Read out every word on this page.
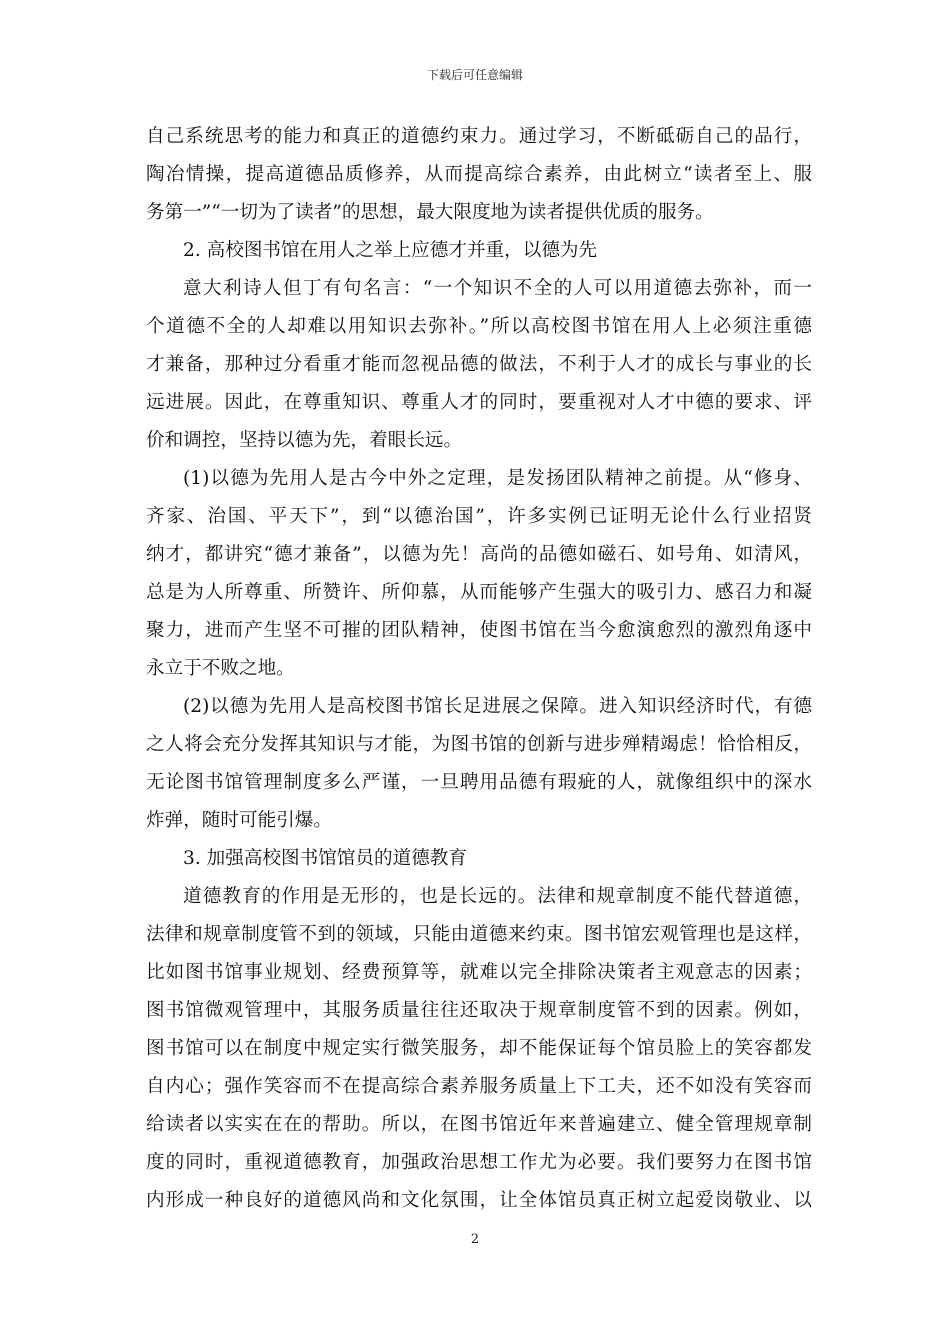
下载后可任意编辑
自己系统思考的能力和真正的道德约束力。通过学习，不断砥砺自己的品行，
陶冶情操，提高道德品质修养，从而提高综合素养，由此树立“读者至上、服
务第一”“一切为了读者”的思想，最大限度地为读者提供优质的服务。
2. 高校图书馆在用人之举上应德才并重，以德为先
意大利诗人但丁有句名言：“一个知识不全的人可以用道德去弥补，而一
个道德不全的人却难以用知识去弥补。”所以高校图书馆在用人上必须注重德
才兼备，那种过分看重才能而忽视品德的做法，不利于人才的成长与事业的长
远进展。因此，在尊重知识、尊重人才的同时，要重视对人才中德的要求、评
价和调控，坚持以德为先，着眼长远。
(1)以德为先用人是古今中外之定理，是发扬团队精神之前提。从“修身、
齐家、治国、平天下”，到“以德治国”，许多实例已证明无论什么行业招贤
纳才，都讲究“德才兼备”，以德为先！高尚的品德如磁石、如号角、如清风，
总是为人所尊重、所赞许、所仰慕，从而能够产生强大的吸引力、感召力和凝
聚力，进而产生坚不可摧的团队精神，使图书馆在当今愈演愈烈的激烈角逐中
永立于不败之地。
(2)以德为先用人是高校图书馆长足进展之保障。进入知识经济时代，有德
之人将会充分发挥其知识与才能，为图书馆的创新与进步殚精竭虑！恰恰相反，
无论图书馆管理制度多么严谨，一旦聘用品德有瑕疵的人，就像组织中的深水
炸弹，随时可能引爆。
3. 加强高校图书馆馆员的道德教育
道德教育的作用是无形的，也是长远的。法律和规章制度不能代替道德，
法律和规章制度管不到的领域，只能由道德来约束。图书馆宏观管理也是这样，
比如图书馆事业规划、经费预算等，就难以完全排除决策者主观意志的因素；
图书馆微观管理中，其服务质量往往还取决于规章制度管不到的因素。例如，
图书馆可以在制度中规定实行微笑服务，却不能保证每个馆员脸上的笑容都发
自内心；强作笑容而不在提高综合素养服务质量上下工夫，还不如没有笑容而
给读者以实实在在的帮助。所以，在图书馆近年来普遍建立、健全管理规章制
度的同时，重视道德教育，加强政治思想工作尤为必要。我们要努力在图书馆
内形成一种良好的道德风尚和文化氛围，让全体馆员真正树立起爱岗敬业、以
2
